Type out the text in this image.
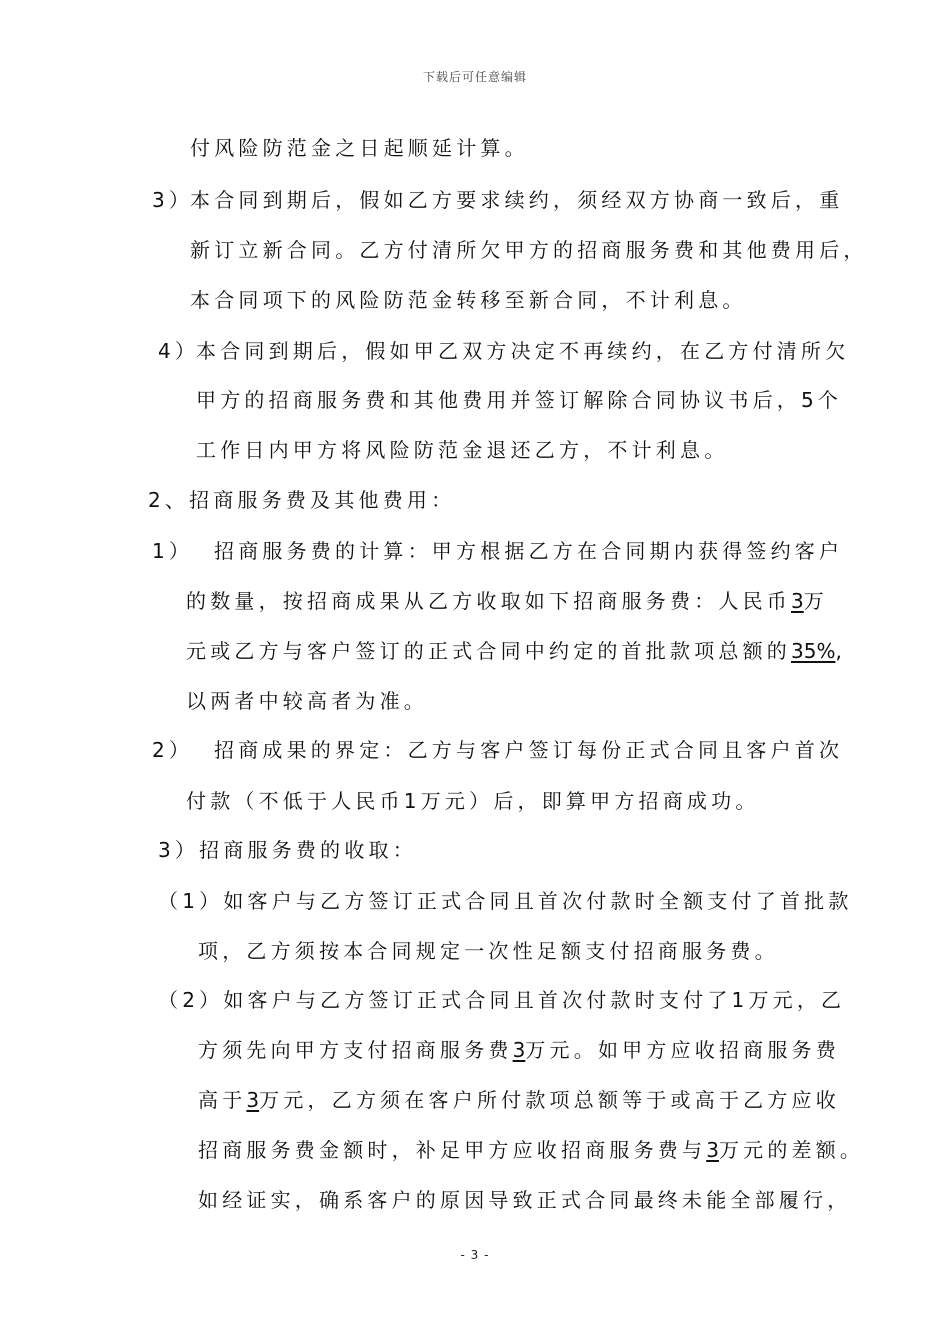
下载后可任意编辑
付风险防范金之日起顺延计算。
3）
本合同到期后，假如乙方要求续约，须经双方协商一致后，重
新订立新合同。乙方付清所欠甲方的招商服务费和其他费用后，
本合同项下的风险防范金转移至新合同，不计利息。
4）
本合同到期后，假如甲乙双方决定不再续约，在乙方付清所欠
甲方的招商服务费和其他费用并签订解除合同协议书后，5个
工作日内甲方将风险防范金退还乙方，不计利息。
2、招商服务费及其他费用：
1） 招商服务费的计算：甲方根据乙方在合同期内获得签约客户
的数量，按招商成果从乙方收取如下招商服务费：人民币3万
元或乙方与客户签订的正式合同中约定的首批款项总额的35%,
以两者中较高者为准。
2） 招商成果的界定：乙方与客户签订每份正式合同且客户首次
付款（不低于人民币1万元）后，即算甲方招商成功。
3）招商服务费的收取：
（1）如客户与乙方签订正式合同且首次付款时全额支付了首批款
项，乙方须按本合同规定一次性足额支付招商服务费。
（2）如客户与乙方签订正式合同且首次付款时支付了1万元，乙
方须先向甲方支付招商服务费3万元。如甲方应收招商服务费
高于3万元，乙方须在客户所付款项总额等于或高于乙方应收
招商服务费金额时，补足甲方应收招商服务费与3万元的差额。
如经证实，确系客户的原因导致正式合同最终未能全部履行，
- 3 -
